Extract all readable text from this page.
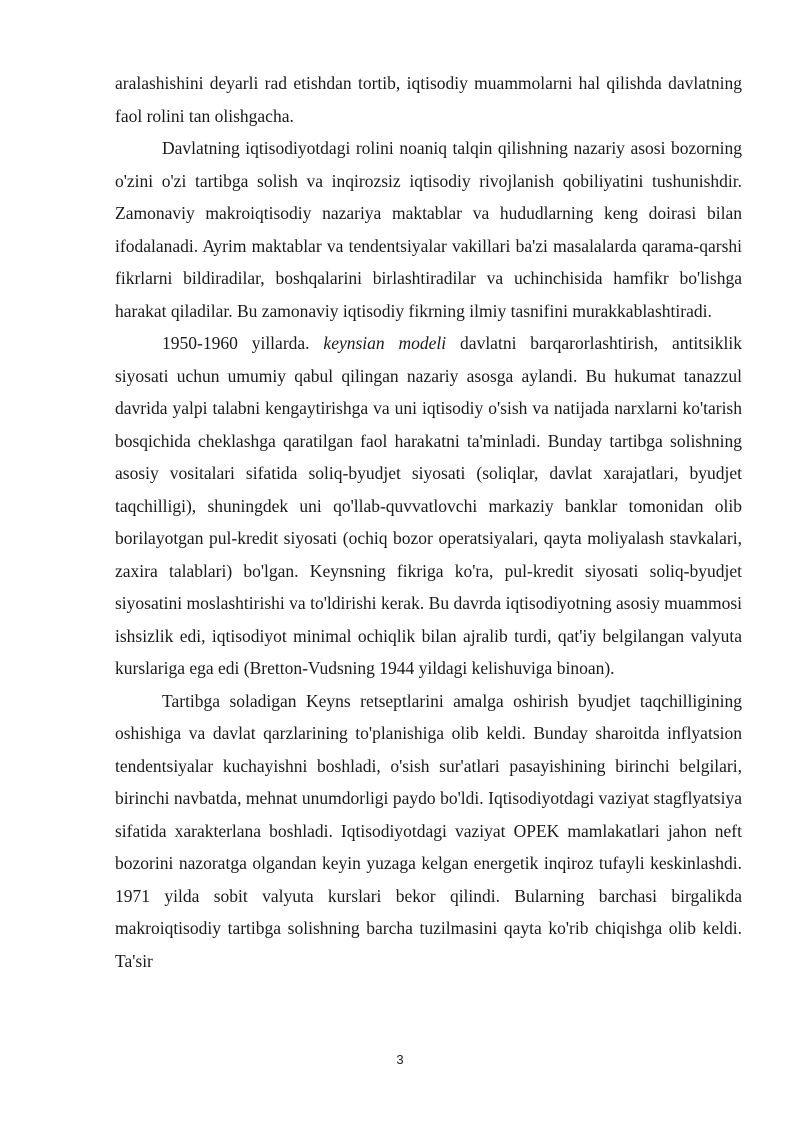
aralashishini deyarli rad etishdan tortib, iqtisodiy muammolarni hal qilishda davlatning faol rolini tan olishgacha.

Davlatning iqtisodiyotdagi rolini noaniq talqin qilishning nazariy asosi bozorning o'zini o'zi tartibga solish va inqirozsiz iqtisodiy rivojlanish qobiliyatini tushunishdir. Zamonaviy makroiqtisodiy nazariya maktablar va hududlarning keng doirasi bilan ifodalanadi. Ayrim maktablar va tendentsiyalar vakillari ba'zi masalalarda qarama-qarshi fikrlarni bildiradilar, boshqalarini birlashtiradilar va uchinchisida hamfikr bo'lishga harakat qiladilar. Bu zamonaviy iqtisodiy fikrning ilmiy tasnifini murakkablashtiradi.

1950-1960 yillarda. keynsian modeli davlatni barqarorlashtirish, antitsiklik siyosati uchun umumiy qabul qilingan nazariy asosga aylandi. Bu hukumat tanazzul davrida yalpi talabni kengaytirishga va uni iqtisodiy o'sish va natijada narxlarni ko'tarish bosqichida cheklashga qaratilgan faol harakatni ta'minladi. Bunday tartibga solishning asosiy vositalari sifatida soliq-byudjet siyosati (soliqlar, davlat xarajatlari, byudjet taqchilligi), shuningdek uni qo'llab-quvvatlovchi markaziy banklar tomonidan olib borilayotgan pul-kredit siyosati (ochiq bozor operatsiyalari, qayta moliyalash stavkalari, zaxira talablari) bo'lgan. Keynsning fikriga ko'ra, pul-kredit siyosati soliq-byudjet siyosatini moslashtirishi va to'ldirishi kerak. Bu davrda iqtisodiyotning asosiy muammosi ishsizlik edi, iqtisodiyot minimal ochiqlik bilan ajralib turdi, qat'iy belgilangan valyuta kurslariga ega edi (Bretton-Vudsning 1944 yildagi kelishuviga binoan).

Tartibga soladigan Keyns retseptlarini amalga oshirish byudjet taqchilligining oshishiga va davlat qarzlarining to'planishiga olib keldi. Bunday sharoitda inflyatsion tendentsiyalar kuchayishni boshladi, o'sish sur'atlari pasayishining birinchi belgilari, birinchi navbatda, mehnat unumdorligi paydo bo'ldi. Iqtisodiyotdagi vaziyat stagflyatsiya sifatida xarakterlana boshladi. Iqtisodiyotdagi vaziyat OPEK mamlakatlari jahon neft bozorini nazoratga olgandan keyin yuzaga kelgan energetik inqiroz tufayli keskinlashdi. 1971 yilda sobit valyuta kurslari bekor qilindi. Bularning barchasi birgalikda makroiqtisodiy tartibga solishning barcha tuzilmasini qayta ko'rib chiqishga olib keldi. Ta'sir

3
